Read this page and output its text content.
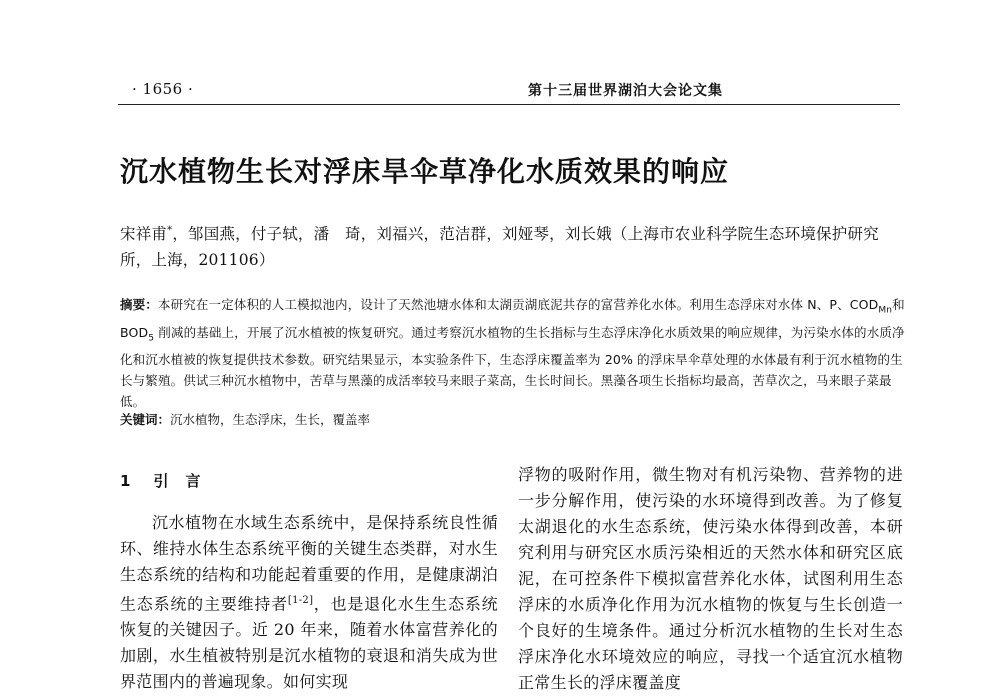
· 1656 ·	第十三届世界湖泊大会论文集
沉水植物生长对浮床旱伞草净化水质效果的响应
宋祥甫*，邹国燕，付子轼，潘　琦，刘福兴，范洁群，刘娅琴，刘长娥（上海市农业科学院生态环境保护研究所，上海，201106）
摘要：本研究在一定体积的人工模拟池内，设计了天然池塘水体和太湖贡湖底泥共存的富营养化水体。利用生态浮床对水体 N、P、$COD_{Mn}$和 $BOD_5$ 削减的基础上，开展了沉水植被的恢复研究。通过考察沉水植物的生长指标与生态浮床净化水质效果的响应规律，为污染水体的水质净化和沉水植被的恢复提供技术参数。研究结果显示，本实验条件下，生态浮床覆盖率为 20% 的浮床旱伞草处理的水体最有利于沉水植物的生长与繁殖。供试三种沉水植物中，苦草与黑藻的成活率较马来眼子菜高，生长时间长。黑藻各项生长指标均最高，苦草次之，马来眼子菜最低。
关键词：沉水植物，生态浮床，生长，覆盖率
1 引　言
沉水植物在水域生态系统中，是保持系统良性循环、维持水体生态系统平衡的关键生态类群，对水生生态系统的结构和功能起着重要的作用，是健康湖泊生态系统的主要维持者[1-2]，也是退化水生生态系统恢复的关键因子。近 20 年来，随着水体富营养化的加剧，水生植被特别是沉水植物的衰退和消失成为世界范围内的普遍现象。如何实现
浮物的吸附作用，微生物对有机污染物、营养物的进一步分解作用，使污染的水环境得到改善。为了修复太湖退化的水生态系统，使污染水体得到改善，本研究利用与研究区水质污染相近的天然水体和研究区底泥，在可控条件下模拟富营养化水体，试图利用生态浮床的水质净化作用为沉水植物的恢复与生长创造一个良好的生境条件。通过分析沉水植物的生长对生态浮床净化水环境效应的响应，寻找一个适宜沉水植物正常生长的浮床覆盖度
